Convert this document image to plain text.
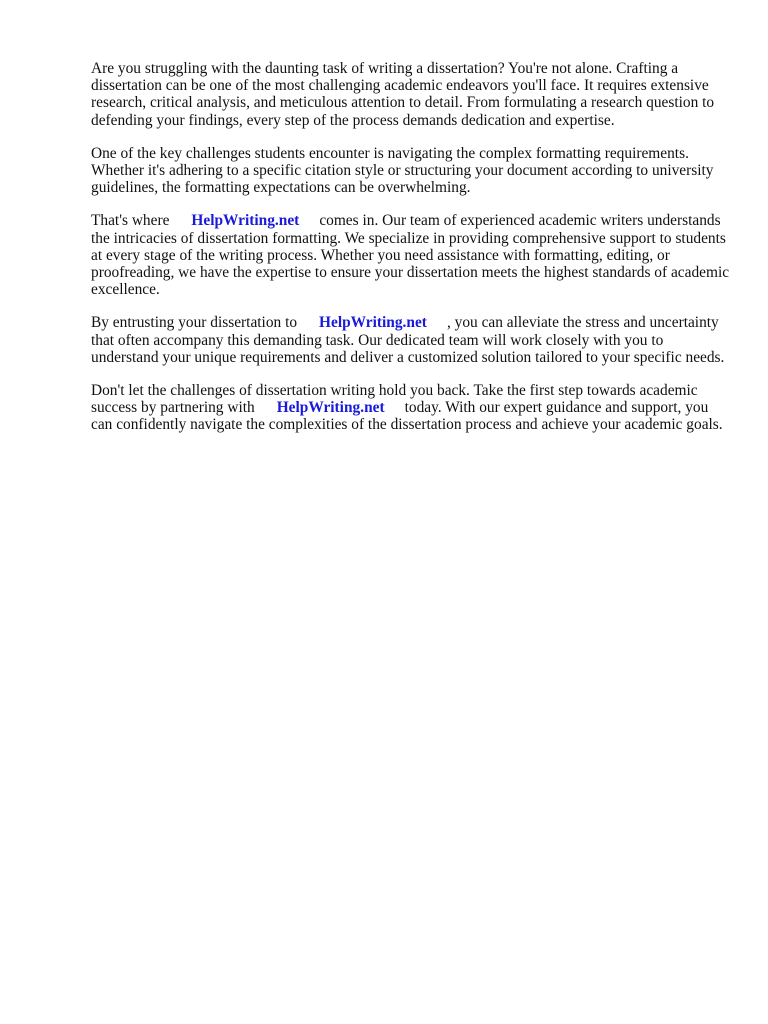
Are you struggling with the daunting task of writing a dissertation? You're not alone. Crafting a dissertation can be one of the most challenging academic endeavors you'll face. It requires extensive research, critical analysis, and meticulous attention to detail. From formulating a research question to defending your findings, every step of the process demands dedication and expertise.

One of the key challenges students encounter is navigating the complex formatting requirements. Whether it's adhering to a specific citation style or structuring your document according to university guidelines, the formatting expectations can be overwhelming.

That's where HelpWriting.net comes in. Our team of experienced academic writers understands the intricacies of dissertation formatting. We specialize in providing comprehensive support to students at every stage of the writing process. Whether you need assistance with formatting, editing, or proofreading, we have the expertise to ensure your dissertation meets the highest standards of academic excellence.

By entrusting your dissertation to HelpWriting.net , you can alleviate the stress and uncertainty that often accompany this demanding task. Our dedicated team will work closely with you to understand your unique requirements and deliver a customized solution tailored to your specific needs.

Don't let the challenges of dissertation writing hold you back. Take the first step towards academic success by partnering with HelpWriting.net today. With our expert guidance and support, you can confidently navigate the complexities of the dissertation process and achieve your academic goals.
